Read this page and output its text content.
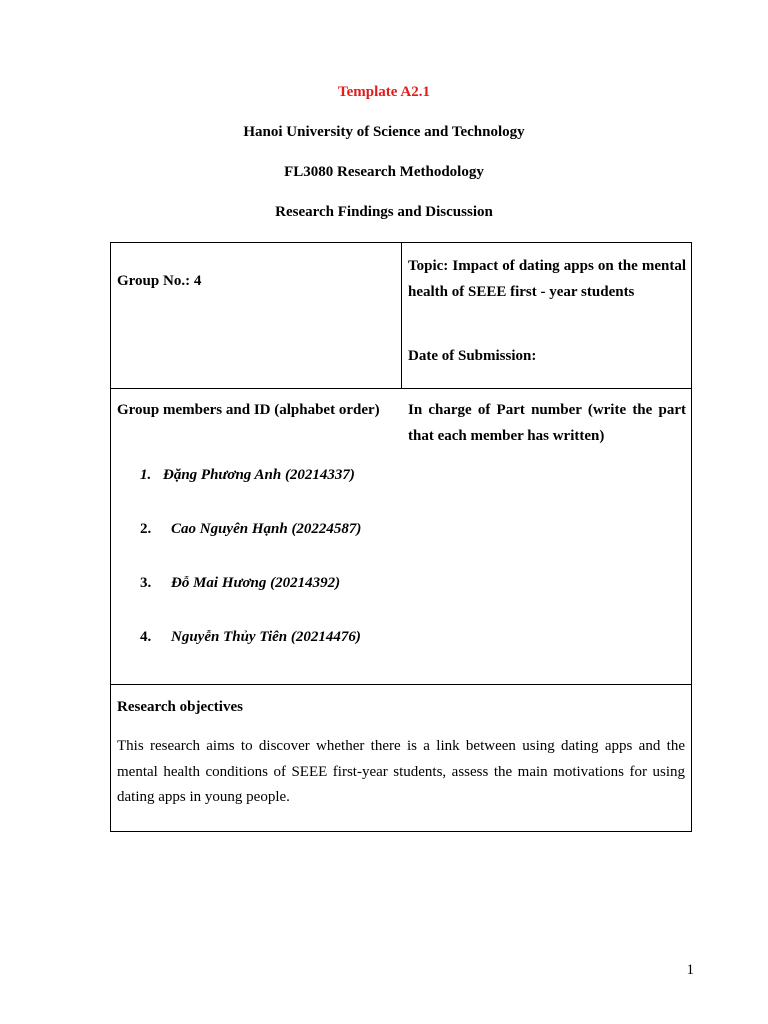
Template A2.1
Hanoi University of Science and Technology
FL3080 Research Methodology
Research Findings and Discussion
Group No.: 4
Topic: Impact of dating apps on the mental health of SEEE first - year students
Date of Submission:
Group members and ID (alphabet order)	In charge of Part number (write the part that each member has written)
1. Đặng Phương Anh (20214337)
2. Cao Nguyên Hạnh (20224587)
3. Đỗ Mai Hương (20214392)
4. Nguyễn Thủy Tiên (20214476)
Research objectives
This research aims to discover whether there is a link between using dating apps and the mental health conditions of SEEE first-year students, assess the main motivations for using dating apps in young people.
1
